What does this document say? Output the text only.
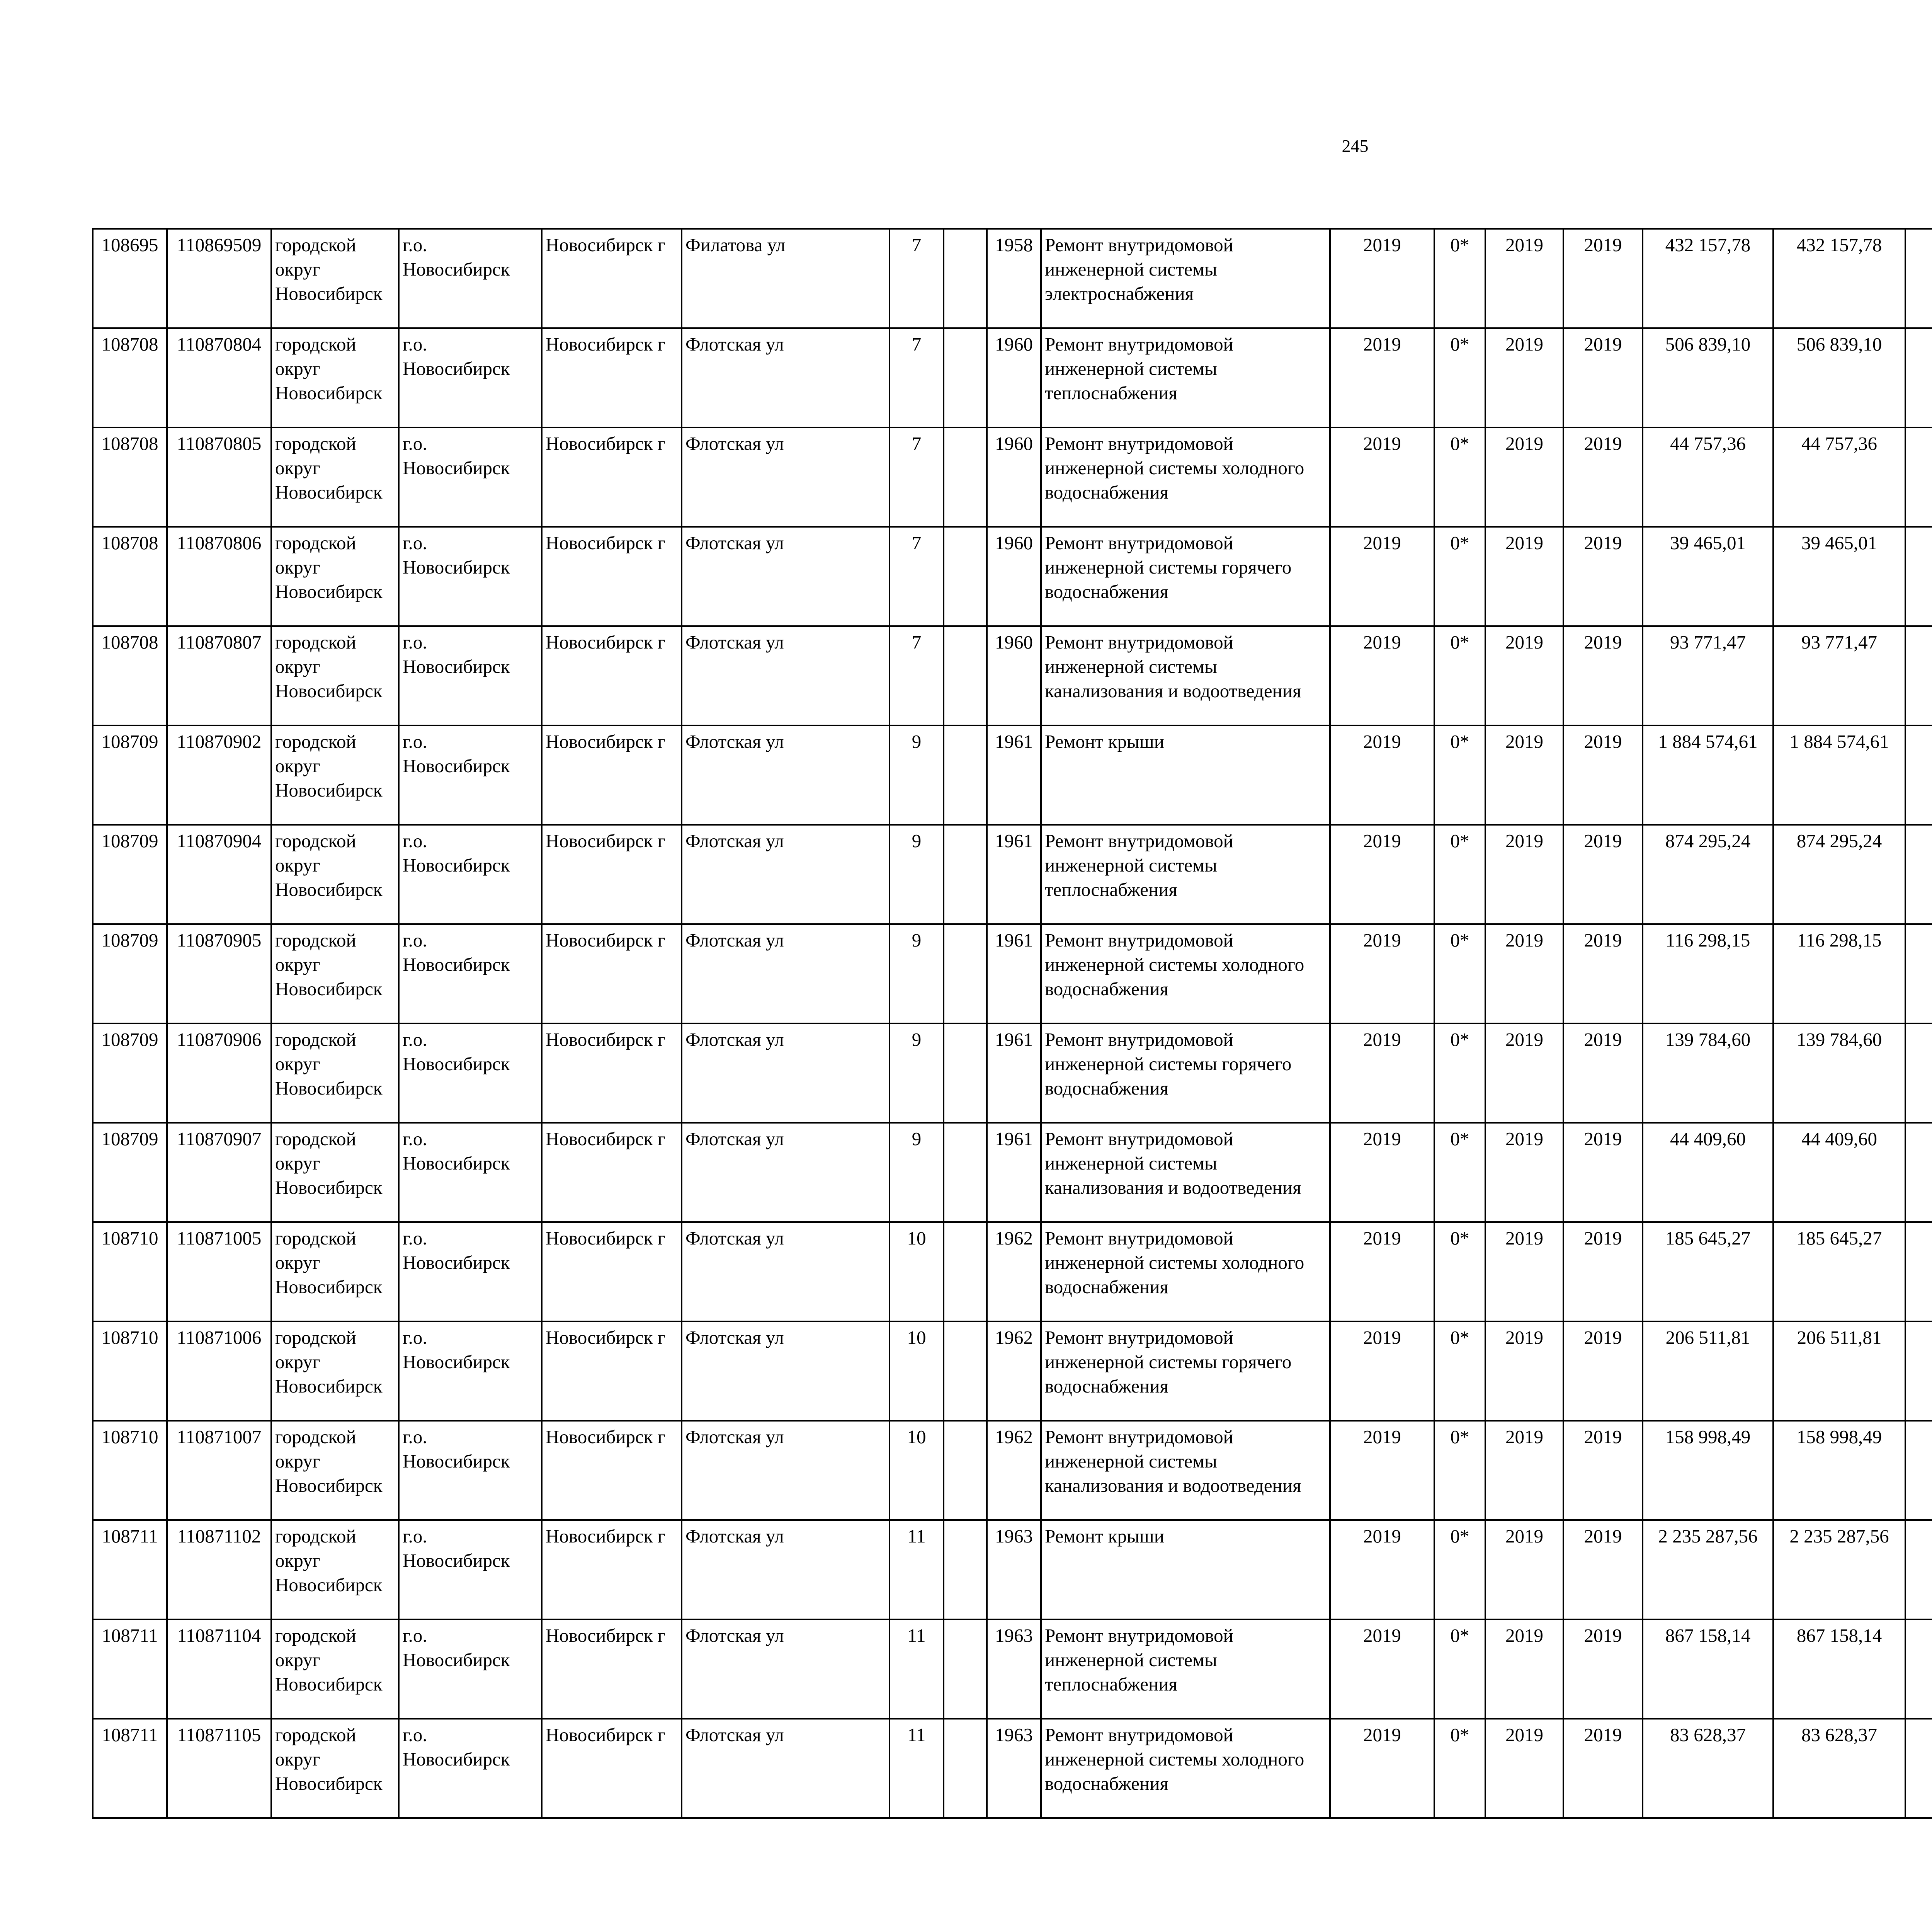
245
108695	110869509	городской округ Новосибирск	г.о. Новосибирск	Новосибирск г	Филатова ул	7		1958	Ремонт внутридомовой инженерной системы электроснабжения	2019	0*	2019	2019	432 157,78	432 157,78						
108708	110870804	городской округ Новосибирск	г.о. Новосибирск	Новосибирск г	Флотская ул	7		1960	Ремонт внутридомовой инженерной системы теплоснабжения	2019	0*	2019	2019	506 839,10	506 839,10						
108708	110870805	городской округ Новосибирск	г.о. Новосибирск	Новосибирск г	Флотская ул	7		1960	Ремонт внутридомовой инженерной системы холодного водоснабжения	2019	0*	2019	2019	44 757,36	44 757,36						
108708	110870806	городской округ Новосибирск	г.о. Новосибирск	Новосибирск г	Флотская ул	7		1960	Ремонт внутридомовой инженерной системы горячего водоснабжения	2019	0*	2019	2019	39 465,01	39 465,01						
108708	110870807	городской округ Новосибирск	г.о. Новосибирск	Новосибирск г	Флотская ул	7		1960	Ремонт внутридомовой инженерной системы канализования и водоотведения	2019	0*	2019	2019	93 771,47	93 771,47						
108709	110870902	городской округ Новосибирск	г.о. Новосибирск	Новосибирск г	Флотская ул	9		1961	Ремонт крыши	2019	0*	2019	2019	1 884 574,61	1 884 574,61						
108709	110870904	городской округ Новосибирск	г.о. Новосибирск	Новосибирск г	Флотская ул	9		1961	Ремонт внутридомовой инженерной системы теплоснабжения	2019	0*	2019	2019	874 295,24	874 295,24						
108709	110870905	городской округ Новосибирск	г.о. Новосибирск	Новосибирск г	Флотская ул	9		1961	Ремонт внутридомовой инженерной системы холодного водоснабжения	2019	0*	2019	2019	116 298,15	116 298,15						
108709	110870906	городской округ Новосибирск	г.о. Новосибирск	Новосибирск г	Флотская ул	9		1961	Ремонт внутридомовой инженерной системы горячего водоснабжения	2019	0*	2019	2019	139 784,60	139 784,60						
108709	110870907	городской округ Новосибирск	г.о. Новосибирск	Новосибирск г	Флотская ул	9		1961	Ремонт внутридомовой инженерной системы канализования и водоотведения	2019	0*	2019	2019	44 409,60	44 409,60						
108710	110871005	городской округ Новосибирск	г.о. Новосибирск	Новосибирск г	Флотская ул	10		1962	Ремонт внутридомовой инженерной системы холодного водоснабжения	2019	0*	2019	2019	185 645,27	185 645,27						
108710	110871006	городской округ Новосибирск	г.о. Новосибирск	Новосибирск г	Флотская ул	10		1962	Ремонт внутридомовой инженерной системы горячего водоснабжения	2019	0*	2019	2019	206 511,81	206 511,81						
108710	110871007	городской округ Новосибирск	г.о. Новосибирск	Новосибирск г	Флотская ул	10		1962	Ремонт внутридомовой инженерной системы канализования и водоотведения	2019	0*	2019	2019	158 998,49	158 998,49						
108711	110871102	городской округ Новосибирск	г.о. Новосибирск	Новосибирск г	Флотская ул	11		1963	Ремонт крыши	2019	0*	2019	2019	2 235 287,56	2 235 287,56						
108711	110871104	городской округ Новосибирск	г.о. Новосибирск	Новосибирск г	Флотская ул	11		1963	Ремонт внутридомовой инженерной системы теплоснабжения	2019	0*	2019	2019	867 158,14	867 158,14						
108711	110871105	городской округ Новосибирск	г.о. Новосибирск	Новосибирск г	Флотская ул	11		1963	Ремонт внутридомовой инженерной системы холодного водоснабжения	2019	0*	2019	2019	83 628,37	83 628,37						
